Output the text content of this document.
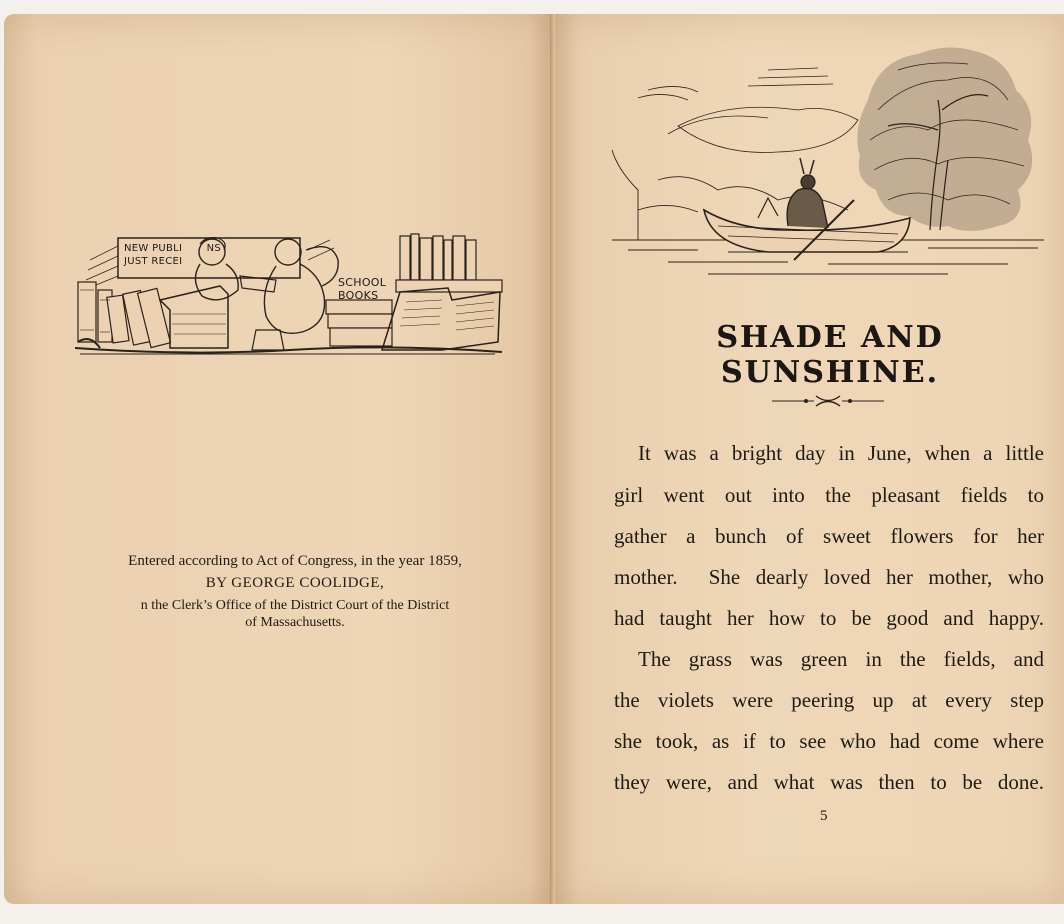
NEW PUBLI NS
JUST RECEI
SCHOOL
BOOKS
Entered according to Act of Congress, in the year 1859,
BY GEORGE COOLIDGE,
n the Clerk’s Office of the District Court of the District
of Massachusetts.
SHADE AND SUNSHINE.
It was a bright day in June, when a little
girl went out into the pleasant fields to
gather a bunch of sweet flowers for her
mother.  She dearly loved her mother, who
had taught her how to be good and happy.
The grass was green in the fields, and
the violets were peering up at every step
she took, as if to see who had come where
they were, and what was then to be done.
5
